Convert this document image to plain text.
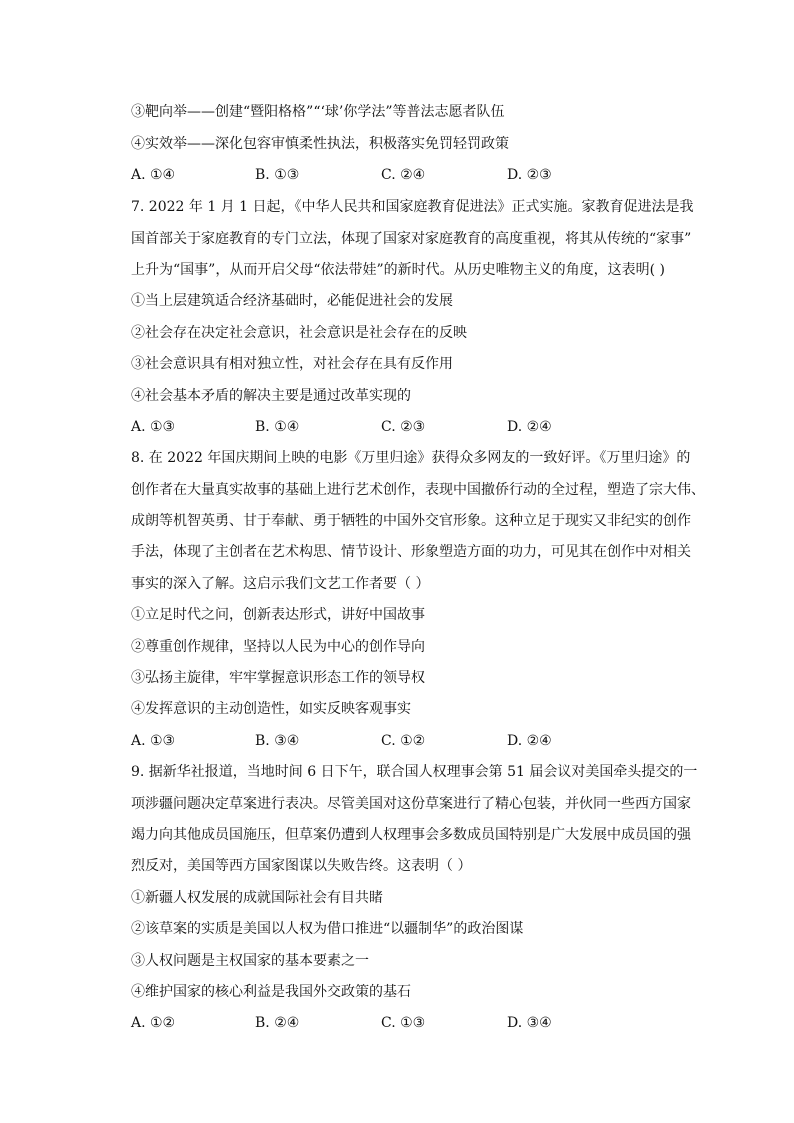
③靶向举——创建“暨阳格格”“‘球’你学法”等普法志愿者队伍
④实效举——深化包容审慎柔性执法，积极落实免罚轻罚政策
A. ①④	B. ①③	C. ②④	D. ②③
7. 2022 年 1 月 1 日起，《中华人民共和国家庭教育促进法》正式实施。家教育促进法是我
国首部关于家庭教育的专门立法，体现了国家对家庭教育的高度重视，将其从传统的“家事”
上升为“国事”，从而开启父母“依法带娃”的新时代。从历史唯物主义的角度，这表明( )
①当上层建筑适合经济基础时，必能促进社会的发展
②社会存在决定社会意识，社会意识是社会存在的反映
③社会意识具有相对独立性，对社会存在具有反作用
④社会基本矛盾的解决主要是通过改革实现的
A. ①③	B. ①④	C. ②③	D. ②④
8. 在 2022 年国庆期间上映的电影《万里归途》获得众多网友的一致好评。《万里归途》的
创作者在大量真实故事的基础上进行艺术创作，表现中国撤侨行动的全过程，塑造了宗大伟、
成朗等机智英勇、甘于奉献、勇于牺牲的中国外交官形象。这种立足于现实又非纪实的创作
手法，体现了主创者在艺术构思、情节设计、形象塑造方面的功力，可见其在创作中对相关
事实的深入了解。这启示我们文艺工作者要（ ）
①立足时代之问，创新表达形式，讲好中国故事
②尊重创作规律，坚持以人民为中心的创作导向
③弘扬主旋律，牢牢掌握意识形态工作的领导权
④发挥意识的主动创造性，如实反映客观事实
A. ①③	B. ③④	C. ①②	D. ②④
9. 据新华社报道，当地时间 6 日下午，联合国人权理事会第 51 届会议对美国牵头提交的一
项涉疆问题决定草案进行表决。尽管美国对这份草案进行了精心包装，并伙同一些西方国家
竭力向其他成员国施压，但草案仍遭到人权理事会多数成员国特别是广大发展中成员国的强
烈反对，美国等西方国家图谋以失败告终。这表明（ ）
①新疆人权发展的成就国际社会有目共睹
②该草案的实质是美国以人权为借口推进“以疆制华”的政治图谋
③人权问题是主权国家的基本要素之一
④维护国家的核心利益是我国外交政策的基石
A. ①②	B. ②④	C. ①③	D. ③④
